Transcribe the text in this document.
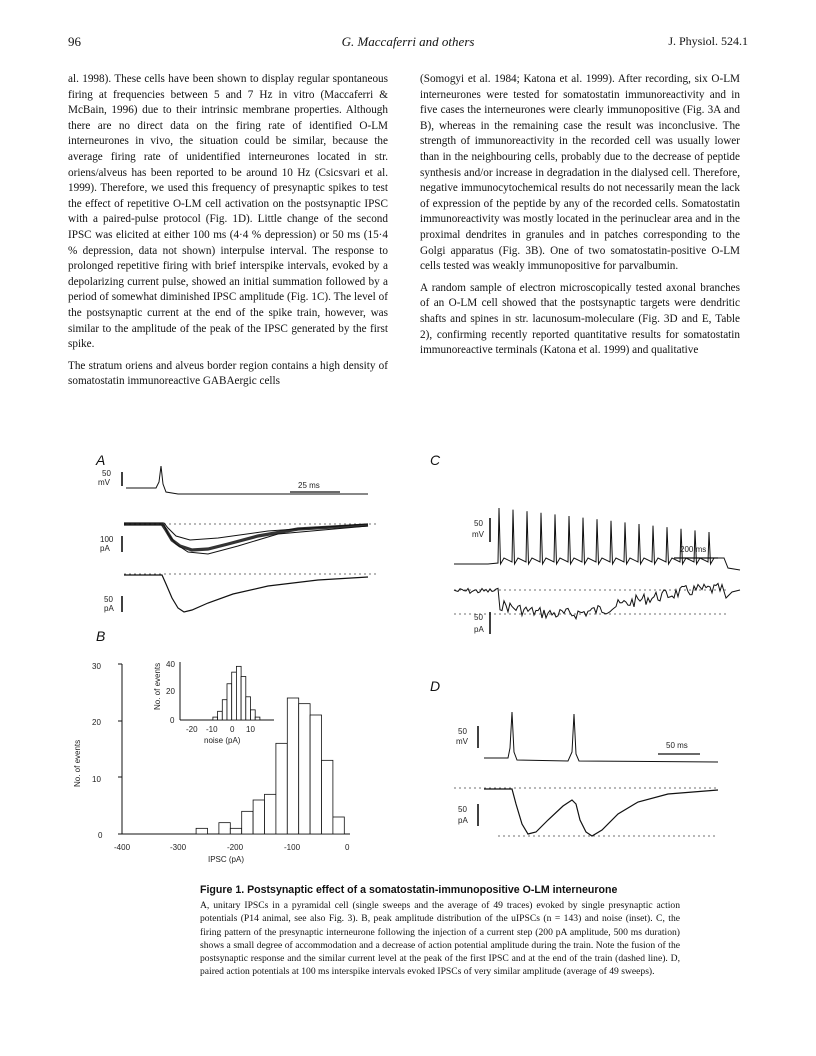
96	G. Maccaferri and others	J. Physiol. 524.1

al. 1998). These cells have been shown to display regular spontaneous firing at frequencies between 5 and 7 Hz in vitro (Maccaferri & McBain, 1996) due to their intrinsic membrane properties. Although there are no direct data on the firing rate of identified O-LM interneurones in vivo, the situation could be similar, because the average firing rate of unidentified interneurones located in str. oriens/alveus has been reported to be around 10 Hz (Csicsvari et al. 1999). Therefore, we used this frequency of presynaptic spikes to test the effect of repetitive O-LM cell activation on the postsynaptic IPSC with a paired-pulse protocol (Fig. 1D). Little change of the second IPSC was elicited at either 100 ms (4·4 % depression) or 50 ms (15·4 % depression, data not shown) interpulse interval. The response to prolonged repetitive firing with brief interspike intervals, evoked by a depolarizing current pulse, showed an initial summation followed by a period of somewhat diminished IPSC amplitude (Fig. 1C). The level of the postsynaptic current at the end of the spike train, however, was similar to the amplitude of the peak of the IPSC generated by the first spike.

The stratum oriens and alveus border region contains a high density of somatostatin immunoreactive GABAergic cells

(Somogyi et al. 1984; Katona et al. 1999). After recording, six O-LM interneurones were tested for somatostatin immunoreactivity and in five cases the interneurones were clearly immunopositive (Fig. 3A and B), whereas in the remaining case the result was inconclusive. The strength of immunoreactivity in the recorded cell was usually lower than in the neighbouring cells, probably due to the decrease of peptide synthesis and/or increase in degradation in the dialysed cell. Therefore, negative immunocytochemical results do not necessarily mean the lack of expression of the peptide by any of the recorded cells. Somatostatin immunoreactivity was mostly located in the perinuclear area and in the proximal dendrites in granules and in patches corresponding to the Golgi apparatus (Fig. 3B). One of two somatostatin-positive O-LM cells tested was weakly immunopositive for parvalbumin.

A random sample of electron microscopically tested axonal branches of an O-LM cell showed that the postsynaptic targets were dendritic shafts and spines in str. lacunosum-moleculare (Fig. 3D and E, Table 2), confirming recently reported quantitative results for somatostatin immunoreactive terminals (Katona et al. 1999) and qualitative

A
B
C
D
50
mV	25 ms
100
pA
50
pA
0
10
20
30
No. of events
-400	-300	-200	-100	0
IPSC (pA)
40
20
0
No. of events
-20 -10 0 10
noise (pA)
50
mV
200 ms
50
pA
50
mV	50 ms
50
pA
Figure 1. Postsynaptic effect of a somatostatin-immunopositive O-LM interneurone
A, unitary IPSCs in a pyramidal cell (single sweeps and the average of 49 traces) evoked by single presynaptic action potentials (P14 animal, see also Fig. 3). B, peak amplitude distribution of the uIPSCs (n = 143) and noise (inset). C, the firing pattern of the presynaptic interneurone following the injection of a current step (200 pA amplitude, 500 ms duration) shows a small degree of accommodation and a decrease of action potential amplitude during the train. Note the fusion of the postsynaptic response and the similar current level at the peak of the first IPSC and at the end of the train (dashed line). D, paired action potentials at 100 ms interspike intervals evoked IPSCs of very similar amplitude (average of 49 sweeps).
